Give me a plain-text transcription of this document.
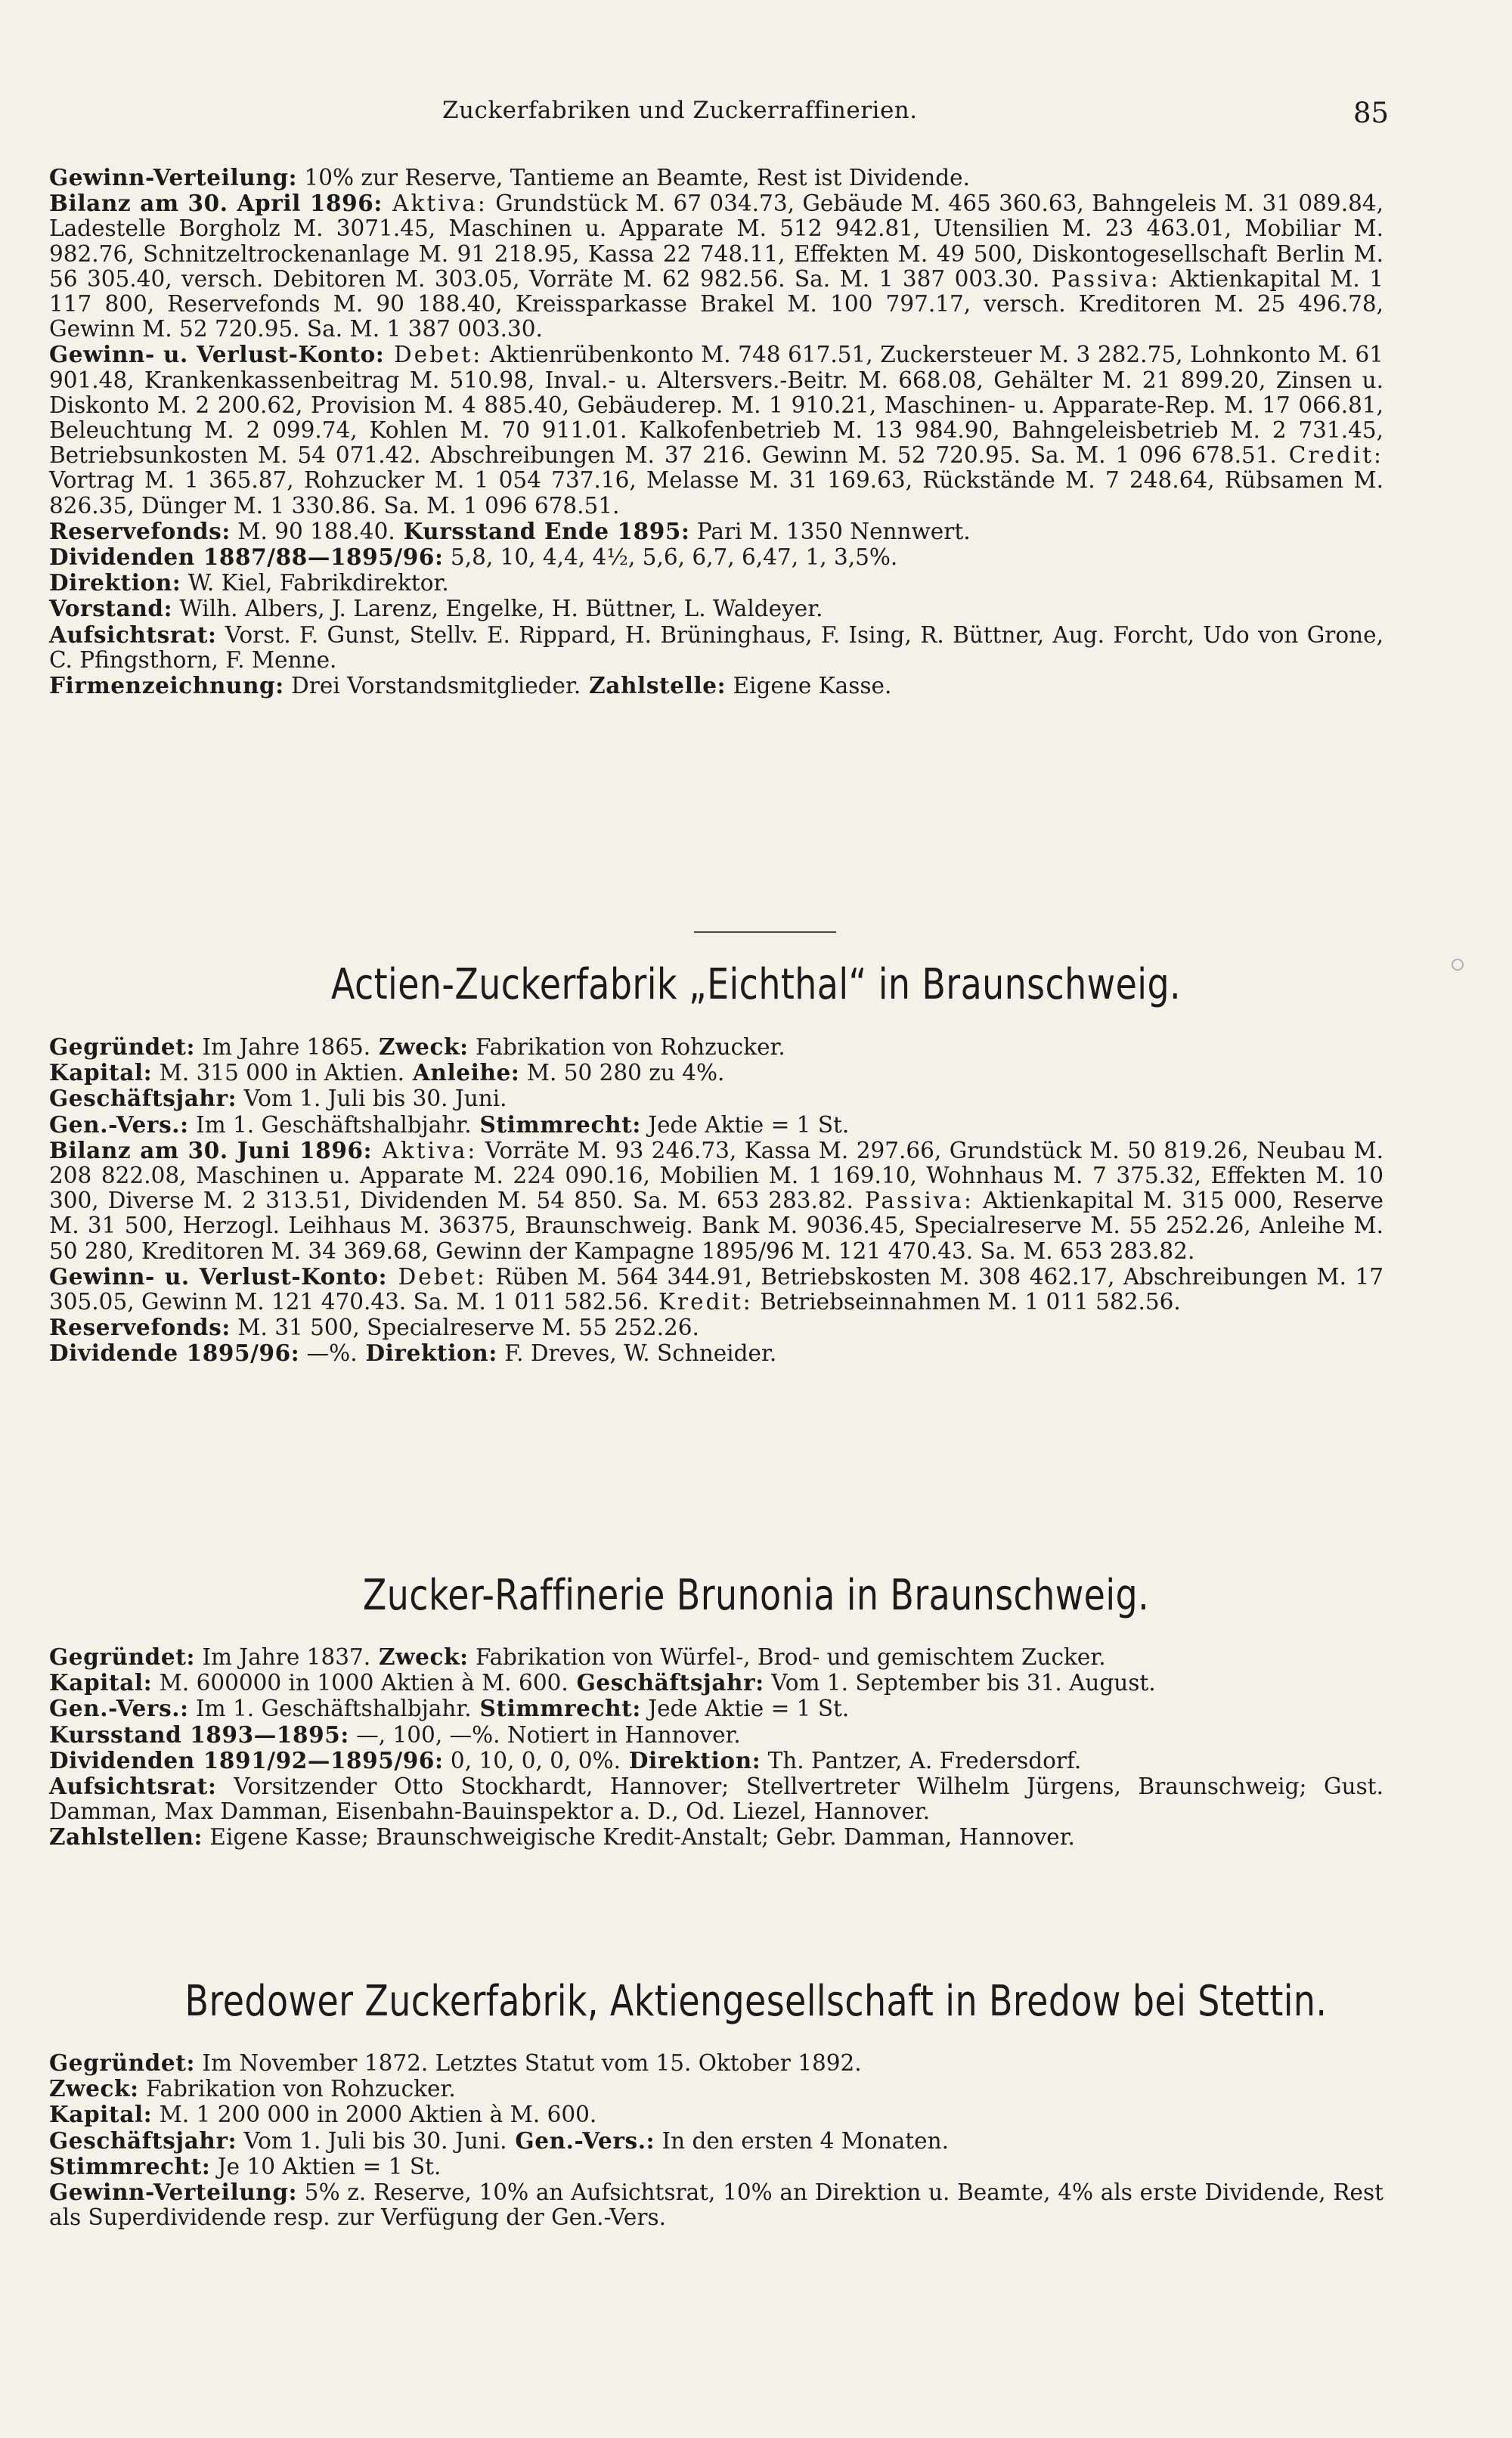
Zuckerfabriken und Zuckerraffinerien.	85

Gewinn-Verteilung: 10% zur Reserve, Tantieme an Beamte, Rest ist Dividende.

Bilanz am 30. April 1896: Aktiva: Grundstück M. 67 034.73, Gebäude M. 465 360.63, Bahngeleis M. 31 089.84, Ladestelle Borgholz M. 3071.45, Maschinen u. Apparate M. 512 942.81, Utensilien M. 23 463.01, Mobiliar M. 982.76, Schnitzeltrockenanlage M. 91 218.95, Kassa 22 748.11, Effekten M. 49 500, Diskontogesellschaft Berlin M. 56 305.40, versch. Debitoren M. 303.05, Vorräte M. 62 982.56. Sa. M. 1 387 003.30. Passiva: Aktienkapital M. 1 117 800, Reservefonds M. 90 188.40, Kreissparkasse Brakel M. 100 797.17, versch. Kreditoren M. 25 496.78, Gewinn M. 52 720.95. Sa. M. 1 387 003.30.

Gewinn- u. Verlust-Konto: Debet: Aktienrübenkonto M. 748 617.51, Zuckersteuer M. 3 282.75, Lohnkonto M. 61 901.48, Krankenkassenbeitrag M. 510.98, Inval.- u. Altersvers.-Beitr. M. 668.08, Gehälter M. 21 899.20, Zinsen u. Diskonto M. 2 200.62, Provision M. 4 885.40, Gebäuderep. M. 1 910.21, Maschinen- u. Apparate-Rep. M. 17 066.81, Beleuchtung M. 2 099.74, Kohlen M. 70 911.01. Kalkofenbetrieb M. 13 984.90, Bahngeleisbetrieb M. 2 731.45, Betriebsunkosten M. 54 071.42. Abschreibungen M. 37 216. Gewinn M. 52 720.95. Sa. M. 1 096 678.51. Credit: Vortrag M. 1 365.87, Rohzucker M. 1 054 737.16, Melasse M. 31 169.63, Rückstände M. 7 248.64, Rübsamen M. 826.35, Dünger M. 1 330.86. Sa. M. 1 096 678.51.

Reservefonds: M. 90 188.40. Kursstand Ende 1895: Pari M. 1350 Nennwert.

Dividenden 1887/88—1895/96: 5,8, 10, 4,4, 4½, 5,6, 6,7, 6,47, 1, 3,5%.

Direktion: W. Kiel, Fabrikdirektor.

Vorstand: Wilh. Albers, J. Larenz, Engelke, H. Büttner, L. Waldeyer.

Aufsichtsrat: Vorst. F. Gunst, Stellv. E. Rippard, H. Brüninghaus, F. Ising, R. Büttner, Aug. Forcht, Udo von Grone, C. Pfingsthorn, F. Menne.

Firmenzeichnung: Drei Vorstandsmitglieder. Zahlstelle: Eigene Kasse.

Actien-Zuckerfabrik „Eichthal“ in Braunschweig.

Gegründet: Im Jahre 1865. Zweck: Fabrikation von Rohzucker.

Kapital: M. 315 000 in Aktien. Anleihe: M. 50 280 zu 4%.

Geschäftsjahr: Vom 1. Juli bis 30. Juni.

Gen.-Vers.: Im 1. Geschäftshalbjahr. Stimmrecht: Jede Aktie = 1 St.

Bilanz am 30. Juni 1896: Aktiva: Vorräte M. 93 246.73, Kassa M. 297.66, Grundstück M. 50 819.26, Neubau M. 208 822.08, Maschinen u. Apparate M. 224 090.16, Mobilien M. 1 169.10, Wohnhaus M. 7 375.32, Effekten M. 10 300, Diverse M. 2 313.51, Dividenden M. 54 850. Sa. M. 653 283.82. Passiva: Aktienkapital M. 315 000, Reserve M. 31 500, Herzogl. Leihhaus M. 36375, Braunschweig. Bank M. 9036.45, Specialreserve M. 55 252.26, Anleihe M. 50 280, Kreditoren M. 34 369.68, Gewinn der Kampagne 1895/96 M. 121 470.43. Sa. M. 653 283.82.

Gewinn- u. Verlust-Konto: Debet: Rüben M. 564 344.91, Betriebskosten M. 308 462.17, Abschreibungen M. 17 305.05, Gewinn M. 121 470.43. Sa. M. 1 011 582.56. Kredit: Betriebseinnahmen M. 1 011 582.56.

Reservefonds: M. 31 500, Specialreserve M. 55 252.26.

Dividende 1895/96: —%. Direktion: F. Dreves, W. Schneider.

Zucker-Raffinerie Brunonia in Braunschweig.

Gegründet: Im Jahre 1837. Zweck: Fabrikation von Würfel-, Brod- und gemischtem Zucker.

Kapital: M. 600000 in 1000 Aktien à M. 600. Geschäftsjahr: Vom 1. September bis 31. August.

Gen.-Vers.: Im 1. Geschäftshalbjahr. Stimmrecht: Jede Aktie = 1 St.

Kursstand 1893—1895: —, 100, —%. Notiert in Hannover.

Dividenden 1891/92—1895/96: 0, 10, 0, 0, 0%. Direktion: Th. Pantzer, A. Fredersdorf.

Aufsichtsrat: Vorsitzender Otto Stockhardt, Hannover; Stellvertreter Wilhelm Jürgens, Braunschweig; Gust. Damman, Max Damman, Eisenbahn-Bauinspektor a. D., Od. Liezel, Hannover.

Zahlstellen: Eigene Kasse; Braunschweigische Kredit-Anstalt; Gebr. Damman, Hannover.

Bredower Zuckerfabrik, Aktiengesellschaft in Bredow bei Stettin.

Gegründet: Im November 1872. Letztes Statut vom 15. Oktober 1892.

Zweck: Fabrikation von Rohzucker.

Kapital: M. 1 200 000 in 2000 Aktien à M. 600.

Geschäftsjahr: Vom 1. Juli bis 30. Juni. Gen.-Vers.: In den ersten 4 Monaten.

Stimmrecht: Je 10 Aktien = 1 St.

Gewinn-Verteilung: 5% z. Reserve, 10% an Aufsichtsrat, 10% an Direktion u. Beamte, 4% als erste Dividende, Rest als Superdividende resp. zur Verfügung der Gen.-Vers.
